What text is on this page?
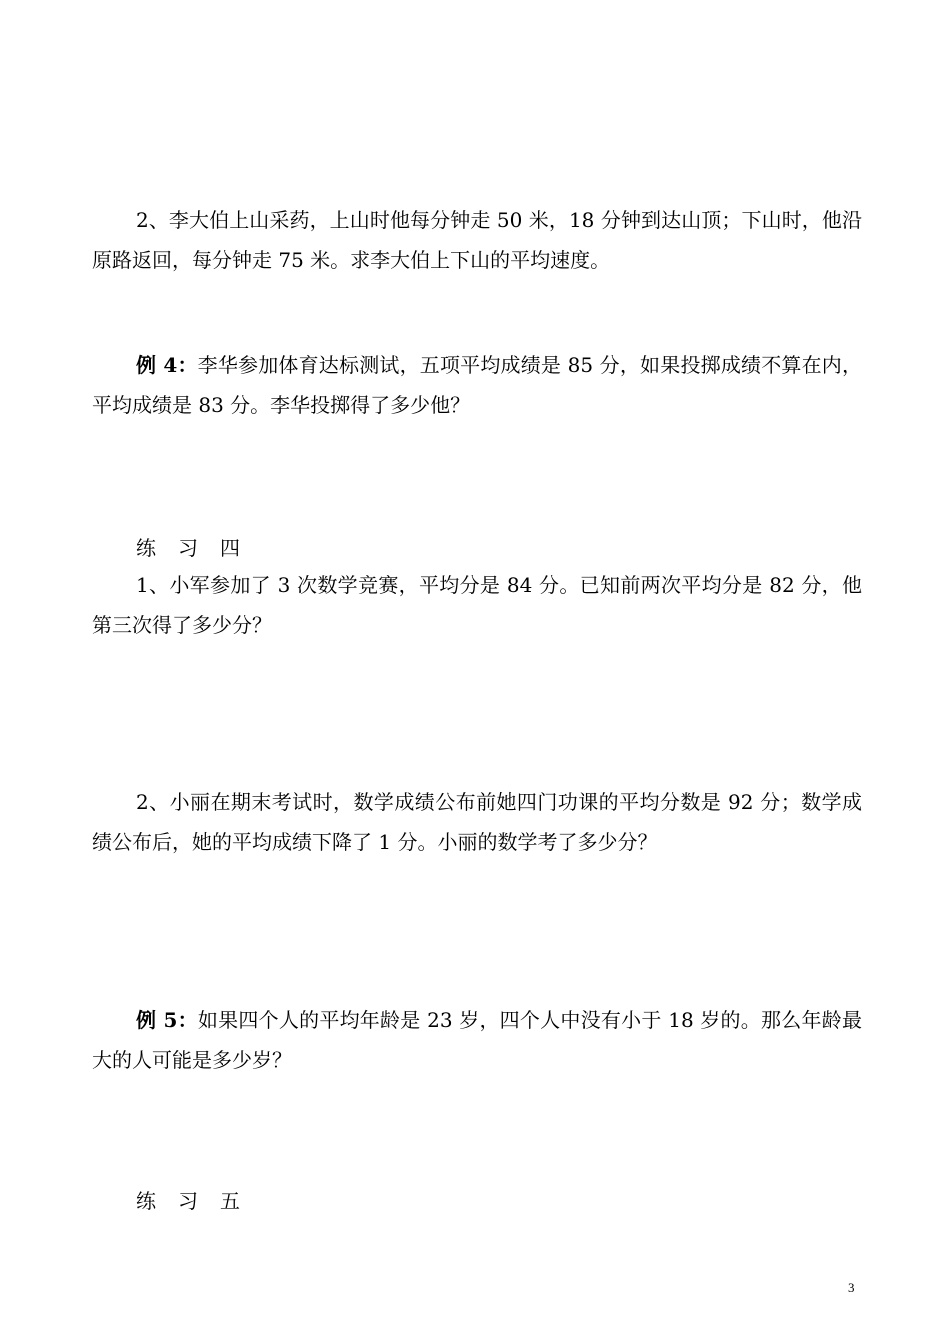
2、李大伯上山采药，上山时他每分钟走 50 米，18 分钟到达山顶；下山时，他沿原路返回，每分钟走 75 米。求李大伯上下山的平均速度。

例 4：李华参加体育达标测试，五项平均成绩是 85 分，如果投掷成绩不算在内，平均成绩是 83 分。李华投掷得了多少他？

练 习 四

1、小军参加了 3 次数学竞赛，平均分是 84 分。已知前两次平均分是 82 分，他第三次得了多少分？

2、小丽在期末考试时，数学成绩公布前她四门功课的平均分数是 92 分；数学成绩公布后，她的平均成绩下降了 1 分。小丽的数学考了多少分？

例 5：如果四个人的平均年龄是 23 岁，四个人中没有小于 18 岁的。那么年龄最大的人可能是多少岁？

练 习 五

3
